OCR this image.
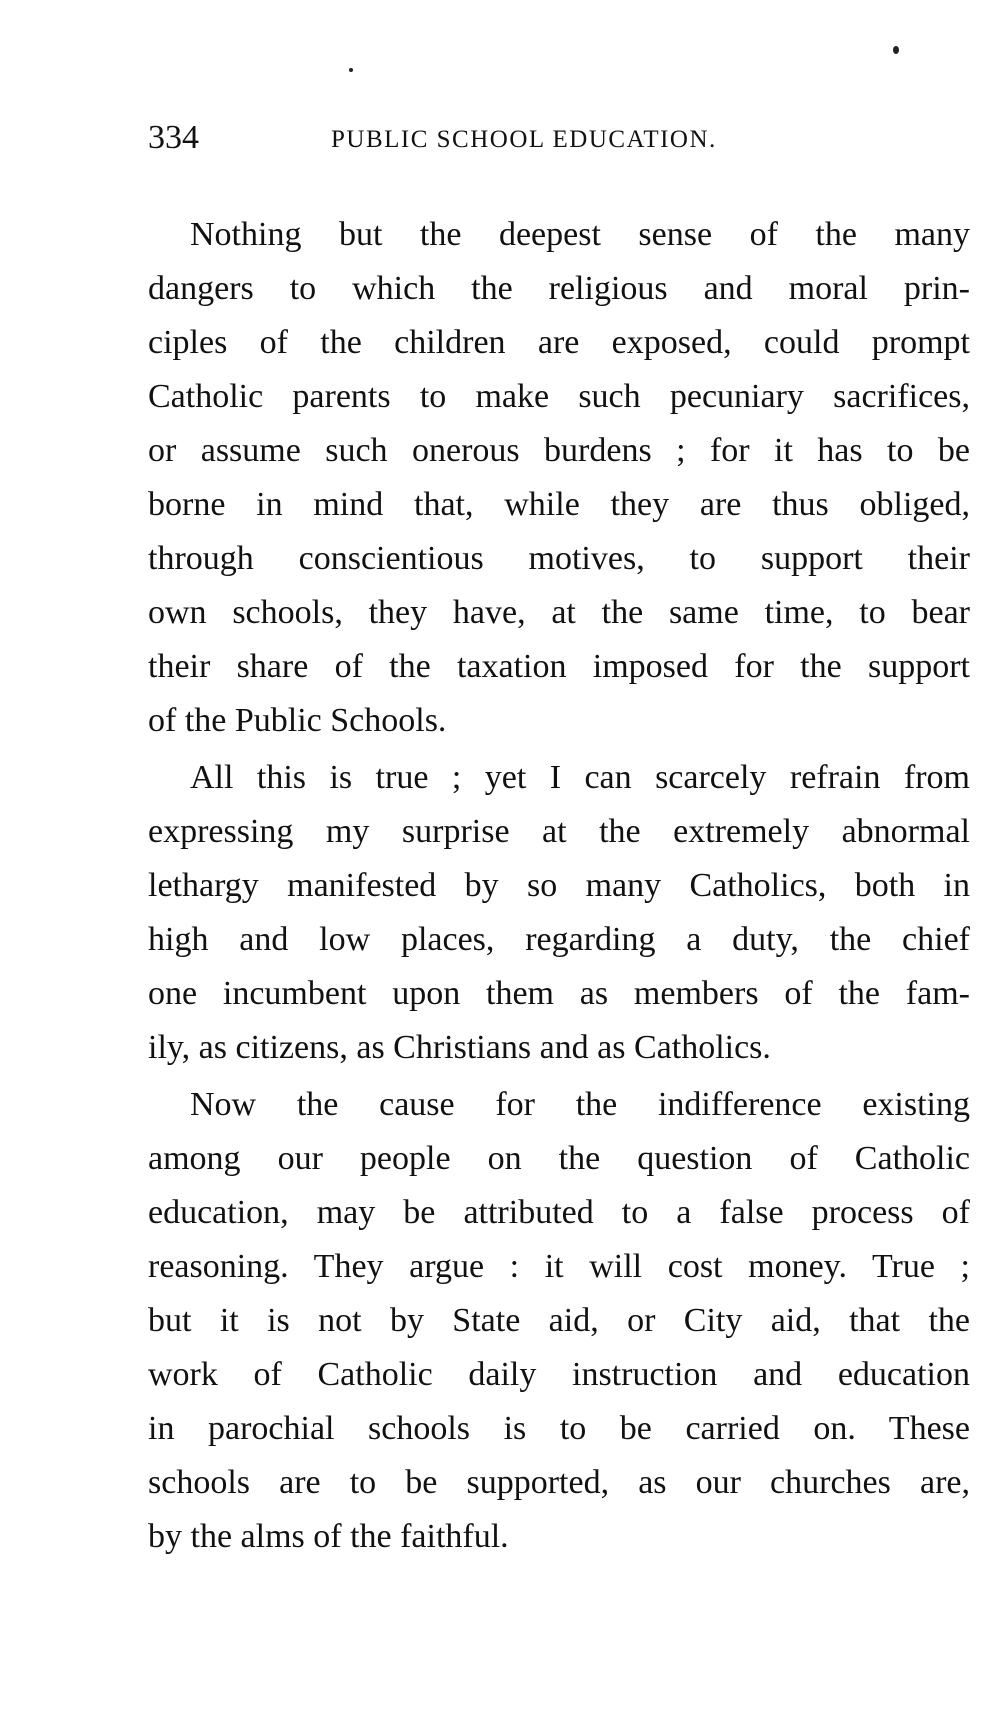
334	PUBLIC SCHOOL EDUCATION.
Nothing but the deepest sense of the many
dangers to which the religious and moral prin-
ciples of the children are exposed, could prompt
Catholic parents to make such pecuniary sacrifices,
or assume such onerous burdens ; for it has to be
borne in mind that, while they are thus obliged,
through conscientious motives, to support their
own schools, they have, at the same time, to bear
their share of the taxation imposed for the support
of the Public Schools.
All this is true ; yet I can scarcely refrain from
expressing my surprise at the extremely abnormal
lethargy manifested by so many Catholics, both in
high and low places, regarding a duty, the chief
one incumbent upon them as members of the fam-
ily, as citizens, as Christians and as Catholics.
Now the cause for the indifference existing
among our people on the question of Catholic
education, may be attributed to a false process of
reasoning. They argue : it will cost money. True ;
but it is not by State aid, or City aid, that the
work of Catholic daily instruction and education
in parochial schools is to be carried on. These
schools are to be supported, as our churches are,
by the alms of the faithful.
